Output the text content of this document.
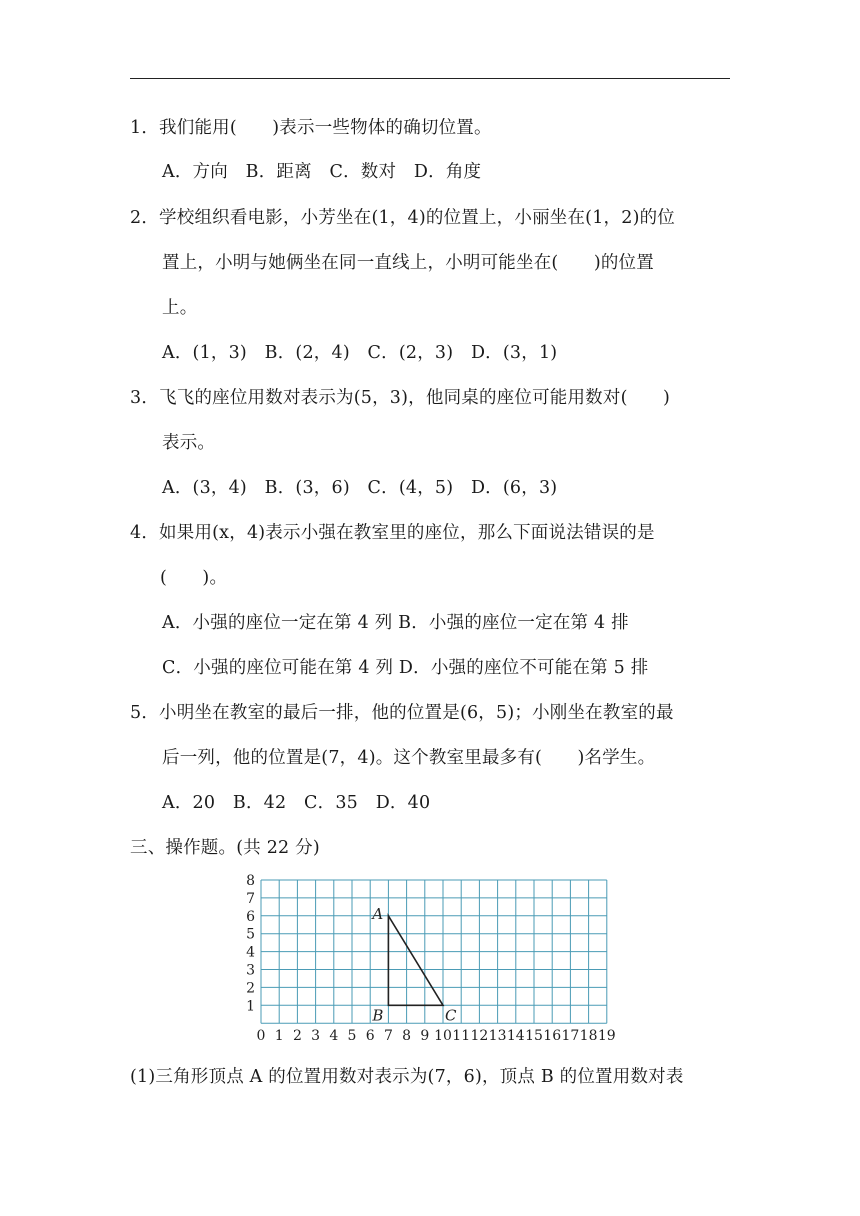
1．我们能用(　　)表示一些物体的确切位置。
A．方向　B．距离　C．数对　D．角度
2．学校组织看电影，小芳坐在(1，4)的位置上，小丽坐在(1，2)的位
置上，小明与她俩坐在同一直线上，小明可能坐在(　　)的位置
上。
A．(1，3)　B．(2，4)　C．(2，3)　D．(3，1)
3．飞飞的座位用数对表示为(5，3)，他同桌的座位可能用数对(　　)
表示。
A．(3，4)　B．(3，6)　C．(4，5)　D．(6，3)
4．如果用(x，4)表示小强在教室里的座位，那么下面说法错误的是
(　　)。
A．小强的座位一定在第 4 列 B．小强的座位一定在第 4 排
C．小强的座位可能在第 4 列 D．小强的座位不可能在第 5 排
5．小明坐在教室的最后一排，他的位置是(6，5)；小刚坐在教室的最
后一列，他的位置是(7，4)。这个教室里最多有(　　)名学生。
A．20　B．42　C．35　D．40
三、操作题。(共 22 分)
0 1 2 3 4 5 6 7 8 9 10 11 12 13 14 15 16 17 18 19
1
2
3
4
5
6
7
8
A
B	C
(1)三角形顶点 A 的位置用数对表示为(7，6)，顶点 B 的位置用数对表
